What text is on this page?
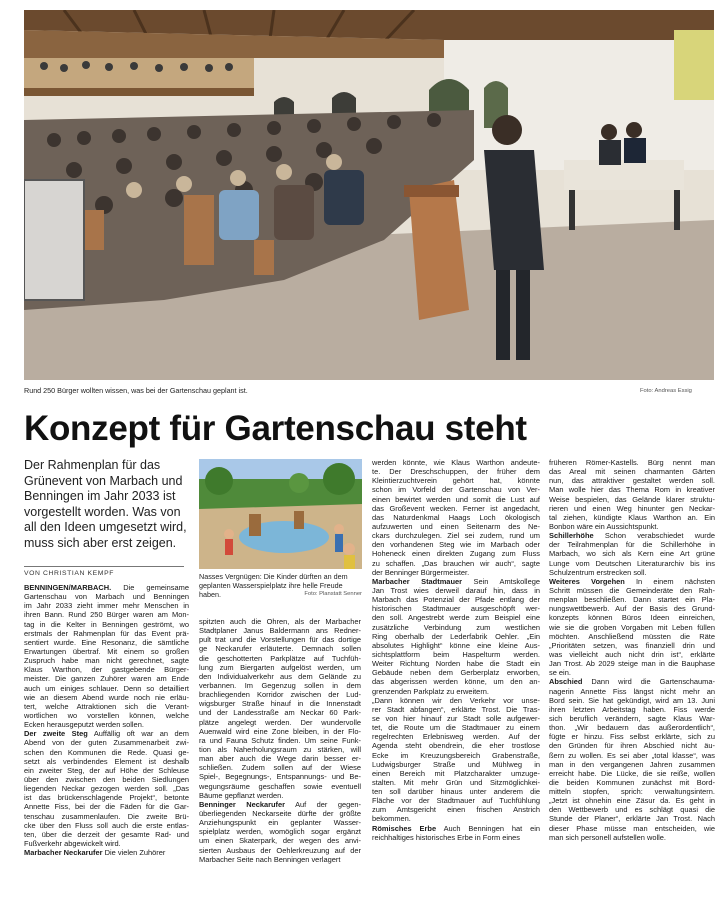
Rund 250 Bürger wollten wissen, was bei der Gartenschau geplant ist.	Foto: Andreas Essig
Konzept für Gartenschau steht
Der Rahmenplan für das Grünevent von Marbach und Benningen im Jahr 2033 ist vorgestellt worden. Was von all den Ideen umgesetzt wird, muss sich aber erst zeigen.
VON CHRISTIAN KEMPF	Nasses Vergnügen: Die Kinder dürften an dem geplanten Wasserspielplatz ihre helle Freude haben.	Foto: Planstatt Senner
BENNINGEN/MARBACH. Die gemeinsame
Gartenschau von Marbach und Benningen
im Jahr 2033 zieht immer mehr Menschen in
ihren Bann. Rund 250 Bürger waren am Mon-
tag in die Kelter in Benningen geströmt, wo
erstmals der Rahmenplan für das Event prä-
sentiert wurde. Eine Resonanz, die sämtliche
Erwartungen übertraf. Mit einem so großen
Zuspruch habe man nicht gerechnet, sagte
Klaus Warthon, der gastgebende Bürger-
meister. Die ganzen Zuhörer waren am Ende
auch um einiges schlauer. Denn so detailliert
wie an diesem Abend wurde noch nie erläu-
tert, welche Attraktionen sich die Verant-
wortlichen wo vorstellen können, welche
Ecken herausgeputzt werden sollen.
Der zweite Steg Auffällig oft war an dem
Abend von der guten Zusammenarbeit zwi-
schen den Kommunen die Rede. Quasi ge-
setzt als verbindendes Element ist deshalb
ein zweiter Steg, der auf Höhe der Schleuse
über den zwischen den beiden Siedlungen
liegenden Neckar gezogen werden soll. „Das
ist das brückenschlagende Projekt“, betonte
Annette Fiss, bei der die Fäden für die Gar-
tenschau zusammenlaufen. Die zweite Brü-
cke über den Fluss soll auch die erste entlas-
ten, über die derzeit der gesamte Rad- und
Fußverkehr abgewickelt wird.
Marbacher Neckarufer Die vielen Zuhörer
spitzten auch die Ohren, als der Marbacher
Stadtplaner Janus Baldermann ans Redner-
pult trat und die Vorstellungen für das dortige
ge Neckarufer erläuterte. Demnach sollen
die geschotterten Parkplätze auf Tuchfüh-
lung zum Biergarten aufgelöst werden, um
den Individualverkehr aus dem Gelände zu
verbannen. Im Gegenzug sollen in dem
brachliegenden Korridor zwischen der Lud-
wigsburger Straße hinauf in die Innenstadt
und der Landesstraße am Neckar 60 Park-
plätze angelegt werden. Der wundervolle
Auenwald wird eine Zone bleiben, in der Flo-
ra und Fauna Schutz finden. Um seine Funk-
tion als Naherholungsraum zu stärken, will
man aber auch die Wege darin besser er-
schließen. Zudem sollen auf der Wiese
Spiel-, Begegnungs-, Entspannungs- und Be-
wegungsräume geschaffen sowie eventuell
Bäume gepflanzt werden.
Benninger Neckarufer Auf der gegen-
überliegenden Neckarseite dürfte der größte
Anziehungspunkt ein geplanter Wasser-
spielplatz werden, womöglich sogar ergänzt
um einen Skaterpark, der wegen des anvi-
sierten Ausbaus der Oehlerkreuzung auf der
Marbacher Seite nach Benningen verlagert
werden könnte, wie Klaus Warthon andeute-
te. Der Dreschschuppen, der früher dem
Kleintierzuchtverein gehört hat, könnte
schon im Vorfeld der Gartenschau von Ver-
einen bewirtet werden und somit die Lust auf
das Großevent wecken. Ferner ist angedacht,
das Naturdenkmal Haags Loch ökologisch
aufzuwerten und einen Seitenarm des Ne-
ckars durchzulegen. Ziel sei zudem, rund um
den vorhandenen Steg wie im Marbach oder
Hoheneck einen direkten Zugang zum Fluss
zu schaffen. „Das brauchen wir auch“, sagte
der Benninger Bürgermeister.
Marbacher Stadtmauer Sein Amtskollege
Jan Trost wies derweil darauf hin, dass in
Marbach das Potenzial der Pfade entlang der
historischen Stadtmauer ausgeschöpft wer-
den soll. Angestrebt werde zum Beispiel eine
zusätzliche Verbindung zum westlichen
Ring oberhalb der Lederfabrik Oehler. „Ein
absolutes Highlight“ könne eine kleine Aus-
sichtsplattform beim Haspelturm werden.
Weiter Richtung Norden habe die Stadt ein
Gebäude neben dem Gerberplatz erworben,
das abgerissen werden könne, um den an-
grenzenden Parkplatz zu erweitern.
„Dann können wir den Verkehr vor unse-
rer Stadt abfangen“, erklärte Trost. Die Tras-
se von hier hinauf zur Stadt solle aufgewer-
tet, die Route um die Stadtmauer zu einem
regelrechten Erlebnisweg werden. Auf der
Agenda steht obendrein, die eher trostlose
Ecke im Kreuzungsbereich Grabenstraße,
Ludwigsburger Straße und Mühlweg in
einen Bereich mit Platzcharakter umzuge-
stalten. Mit mehr Grün und Sitzmöglichkei-
ten soll darüber hinaus unter anderem die
Fläche vor der Stadtmauer auf Tuchfühlung
zum Amtsgericht einen frischen Anstrich
bekommen.
Römisches Erbe Auch Benningen hat ein
reichhaltiges historisches Erbe in Form eines
früheren Römer-Kastells. Bürg nennt man
das Areal mit seinen charmanten Gärten
nun, das attraktiver gestaltet werden soll.
Man wolle hier das Thema Rom in kreativer
Weise bespielen, das Gelände klarer struktu-
rieren und einen Weg hinunter gen Neckar-
tal ziehen, kündigte Klaus Warthon an. Ein
Bonbon wäre ein Aussichtspunkt.
Schillerhöhe Schon verabschiedet wurde
der Teilrahmenplan für die Schillerhöhe in
Marbach, wo sich als Kern eine Art grüne
Lunge vom Deutschen Literaturarchiv bis ins
Schulzentrum erstrecken soll.
Weiteres Vorgehen In einem nächsten
Schritt müssen die Gemeinderäte den Rah-
menplan beschließen. Dann startet ein Pla-
nungswettbewerb. Auf der Basis des Grund-
konzepts können Büros Ideen einreichen,
wie sie die groben Vorgaben mit Leben füllen
möchten. Anschließend müssten die Räte
„Prioritäten setzen, was finanziell drin und
was vielleicht auch nicht drin ist“, erklärte
Jan Trost. Ab 2029 steige man in die Bauphase
se ein.
Abschied Dann wird die Gartenschauma-
nagerin Annette Fiss längst nicht mehr an
Bord sein. Sie hat gekündigt, wird am 13. Juni
ihren letzten Arbeitstag haben. Fiss werde
sich beruflich verändern, sagte Klaus War-
thon. „Wir bedauern das außerordentlich“,
fügte er hinzu. Fiss selbst erklärte, sich zu
den Gründen für ihren Abschied nicht äu-
ßern zu wollen. Es sei aber „total klasse“, was
man in den vergangenen Jahren zusammen
erreicht habe. Die Lücke, die sie reiße, wollen
die beiden Kommunen zunächst mit Bord-
mitteln stopfen, sprich: verwaltungsintern.
„Jetzt ist ohnehin eine Zäsur da. Es geht in
den Wettbewerb und es schlägt quasi die
Stunde der Planer“, erklärte Jan Trost. Nach
dieser Phase müsse man entscheiden, wie
man sich personell aufstellen wolle.
